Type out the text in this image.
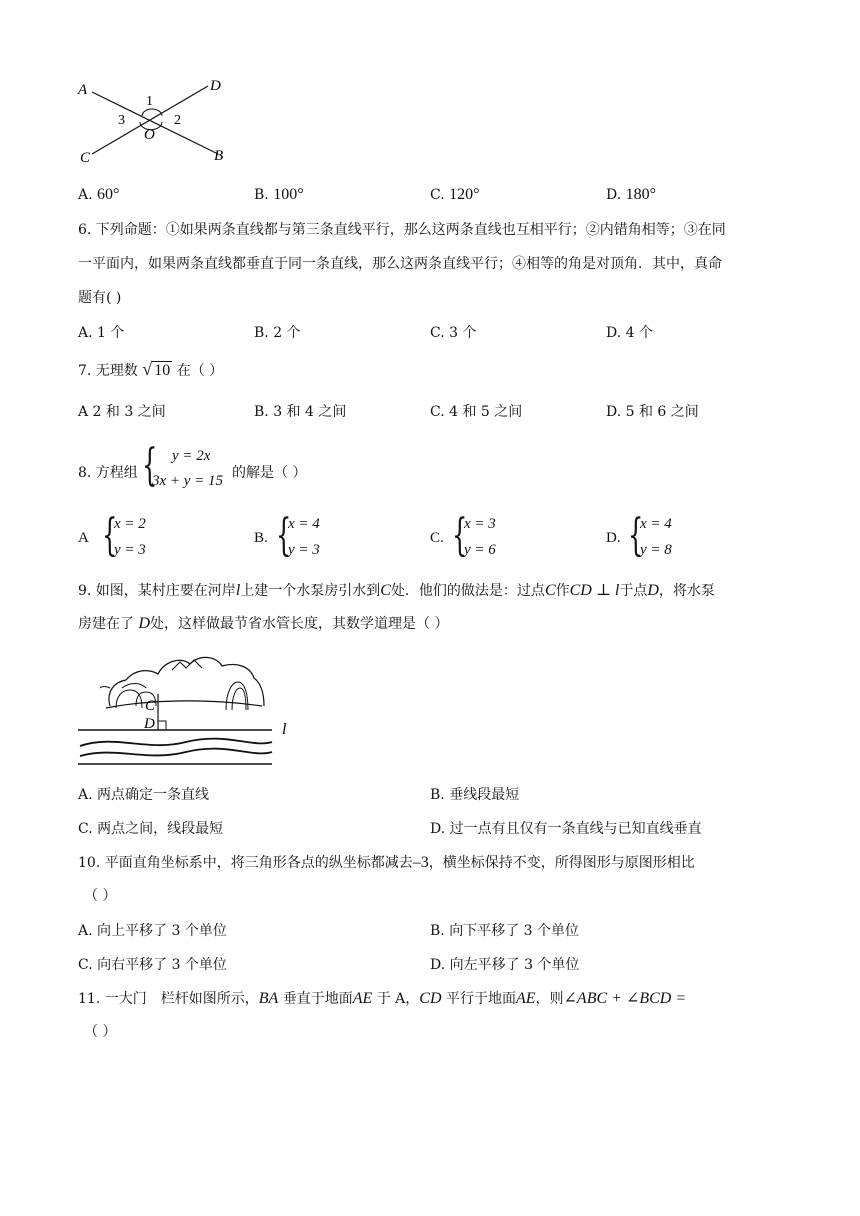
A	D
1
3
O
2
C	B
A. 60°	B. 100°	C. 120°	D. 180°
6. 下列命题：①如果两条直线都与第三条直线平行，那么这两条直线也互相平行；②内错角相等；③在同
一平面内，如果两条直线都垂直于同一条直线，那么这两条直线平行；④相等的角是对顶角．其中，真命
题有( )
A. 1 个	B. 2 个	C. 3 个	D. 4 个
7. 无理数 √ 10 在（ ）
A 2 和 3 之间	B. 3 和 4 之间	C. 4 和 5 之间	D. 5 和 6 之间
8. 方程组 { y = 2x
3x + y = 15 的解是（ ）
A {
x = 2
y = 3
B. {
x = 4
y = 3
C. {
x = 3
y = 6
D. {
x = 4
y = 8
9. 如图，某村庄要在河岸l上建一个水泵房引水到C处．他们的做法是：过点C作CD ⊥ l于点D，将水泵
房建在了 D处，这样做最节省水管长度，其数学道理是（ ）
C
D	l
A. 两点确定一条直线	B. 垂线段最短
C. 两点之间，线段最短	D. 过一点有且仅有一条直线与已知直线垂直
10. 平面直角坐标系中，将三角形各点的纵坐标都减去–3，横坐标保持不变，所得图形与原图形相比
（ ）
A. 向上平移了 3 个单位	B. 向下平移了 3 个单位
C. 向右平移了 3 个单位	D. 向左平移了 3 个单位
11. 一大门　栏杆如图所示，BA 垂直于地面AE 于 A，CD 平行于地面AE，则∠ABC + ∠BCD =
（ ）
